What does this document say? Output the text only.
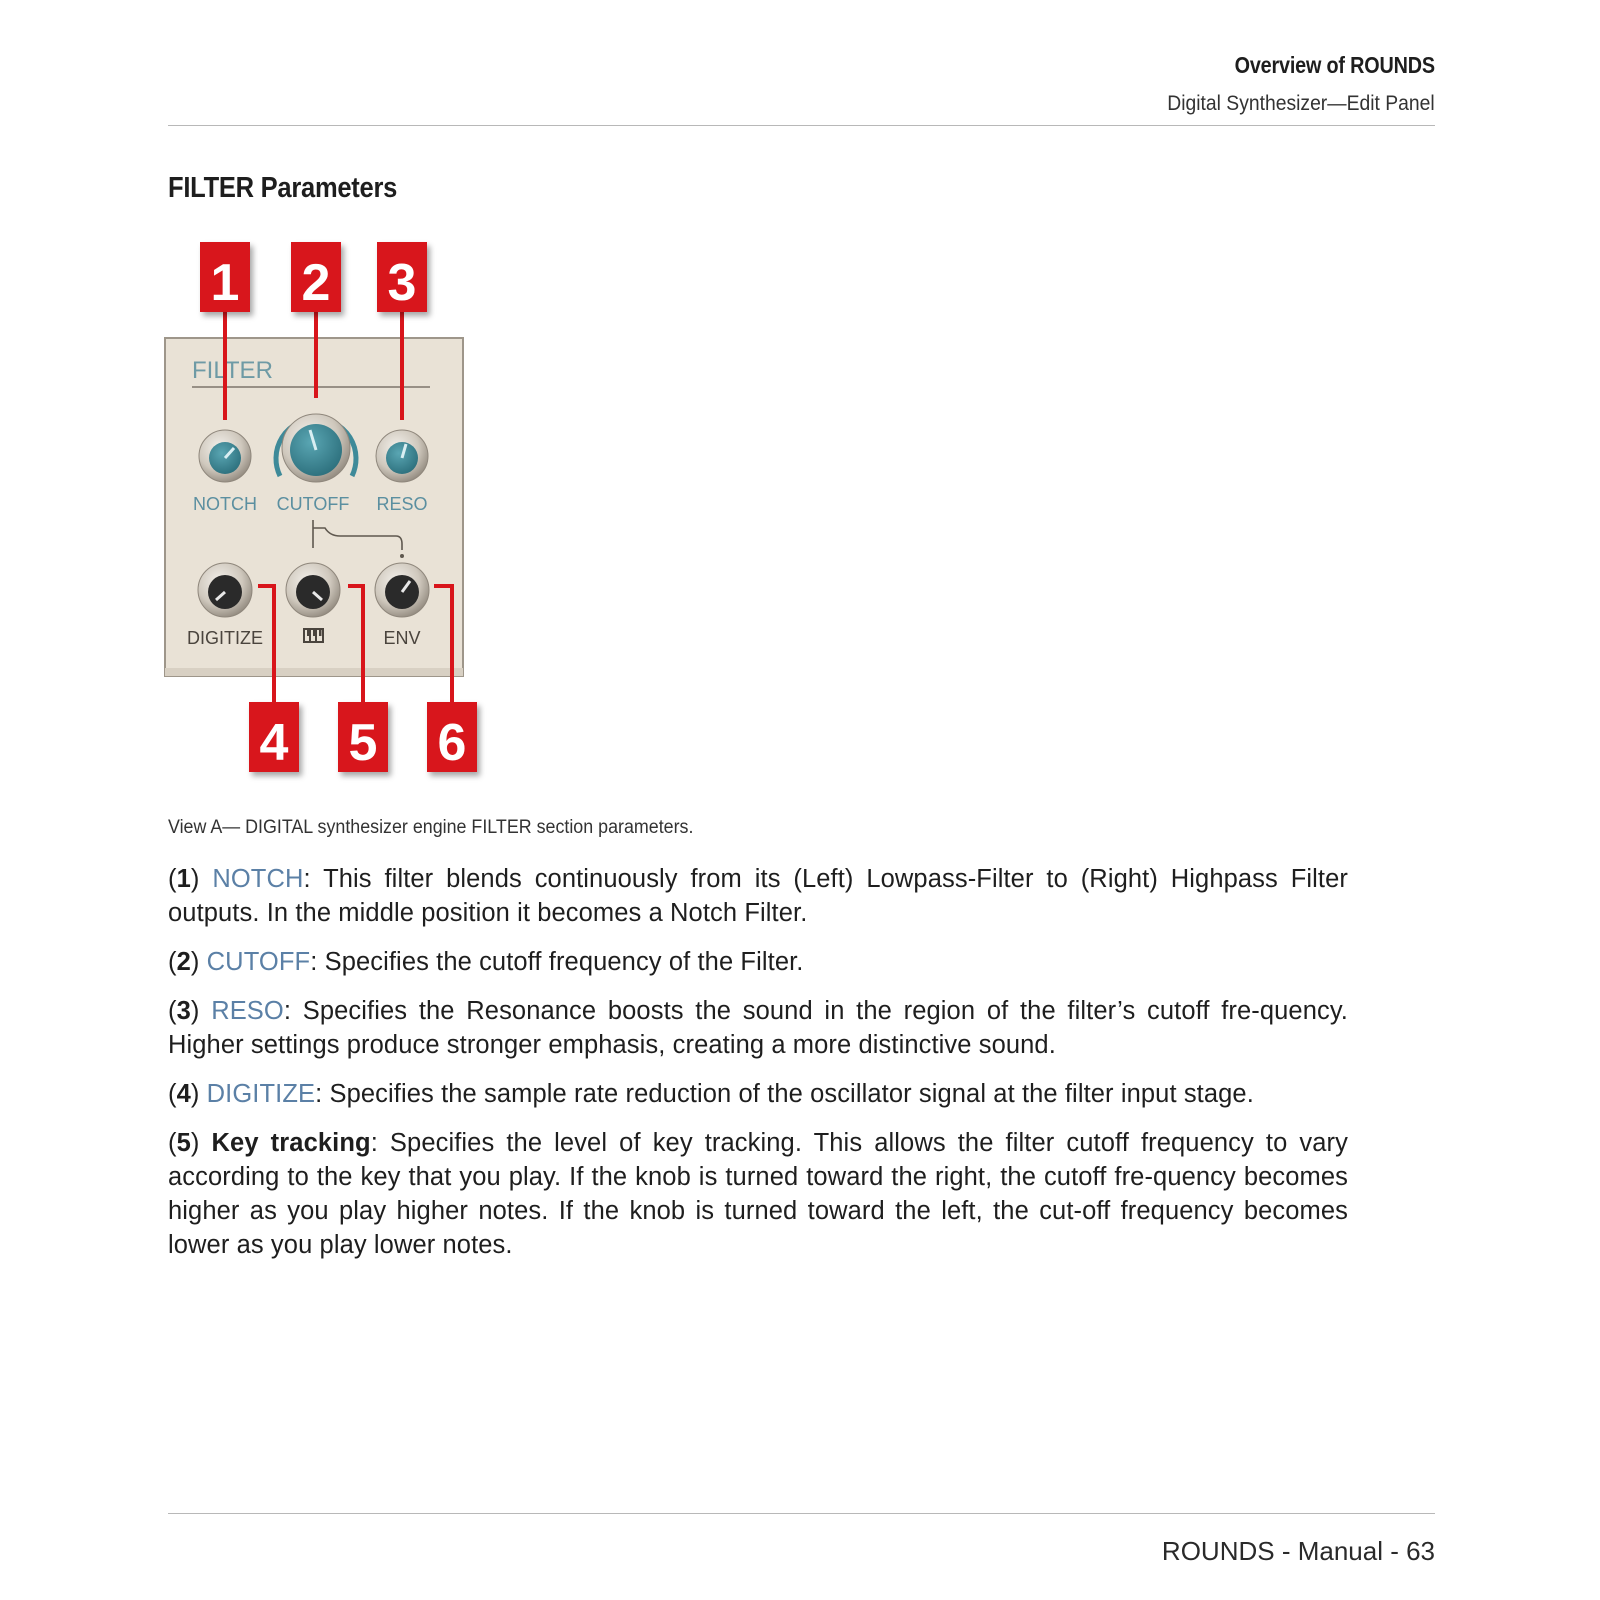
Overview of ROUNDS
Digital Synthesizer—Edit Panel
FILTER Parameters
FILTER
NOTCH CUTOFF RESO
DIGITIZE	ENV
1 2 3
4 5 6
View A— DIGITAL synthesizer engine FILTER section parameters.

(1) NOTCH: This filter blends continuously from its (Left) Lowpass-Filter to (Right) Highpass Filter outputs. In the middle position it becomes a Notch Filter.

(2) CUTOFF: Specifies the cutoff frequency of the Filter.

(3) RESO: Specifies the Resonance boosts the sound in the region of the filter’s cutoff fre-quency. Higher settings produce stronger emphasis, creating a more distinctive sound.

(4) DIGITIZE: Specifies the sample rate reduction of the oscillator signal at the filter input stage.

(5) Key tracking: Specifies the level of key tracking. This allows the filter cutoff frequency to vary according to the key that you play. If the knob is turned toward the right, the cutoff fre-quency becomes higher as you play higher notes. If the knob is turned toward the left, the cut-off frequency becomes lower as you play lower notes.

ROUNDS - Manual - 63
